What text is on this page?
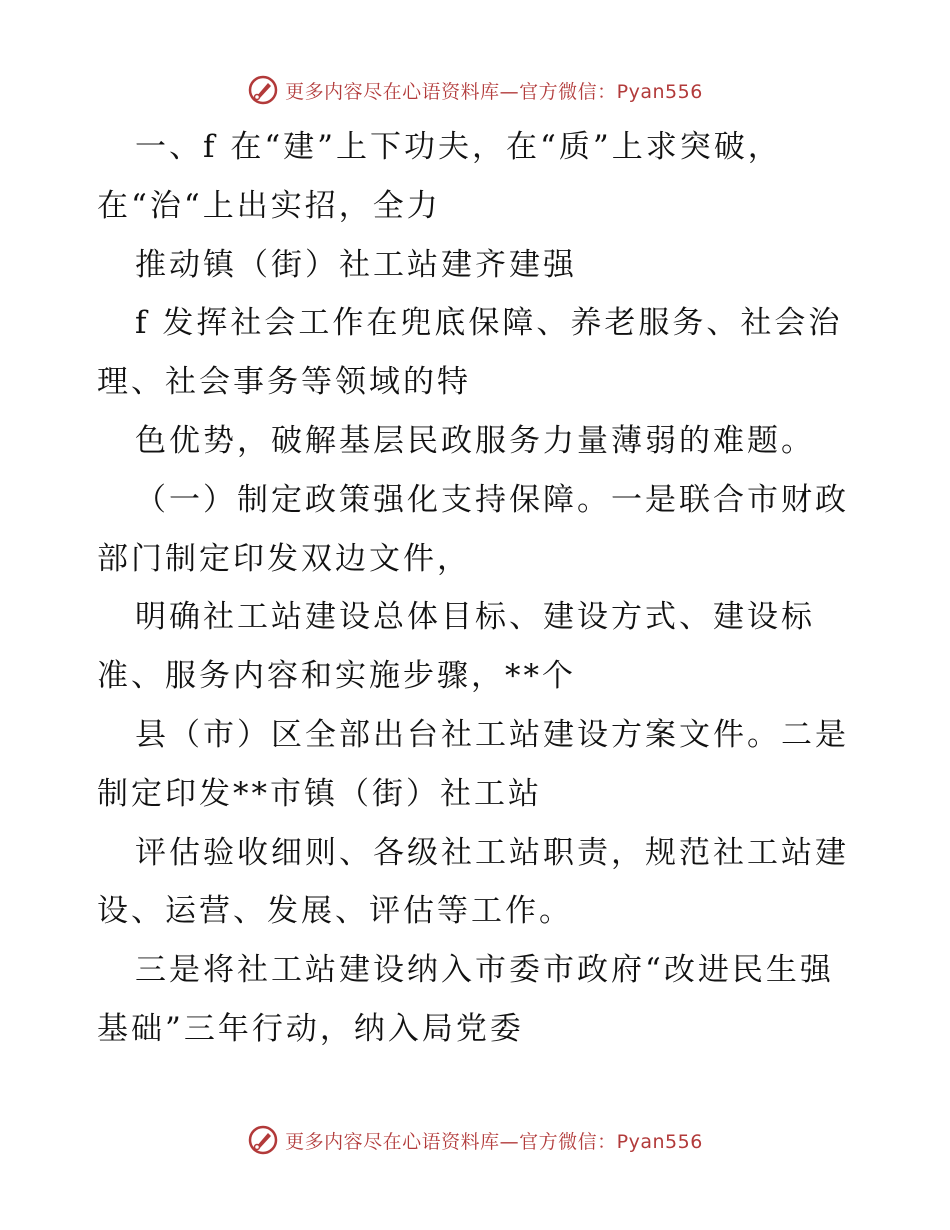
更多内容尽在心语资料库—官方微信：Pyan556
一、f 在“建”上下功夫，在“质”上求突破，
在“治“上出实招，全力
推动镇（街）社工站建齐建强
f 发挥社会工作在兜底保障、养老服务、社会治
理、社会事务等领域的特
色优势，破解基层民政服务力量薄弱的难题。
（一）制定政策强化支持保障。一是联合市财政
部门制定印发双边文件，
明确社工站建设总体目标、建设方式、建设标
准、服务内容和实施步骤，**个
县（市）区全部出台社工站建设方案文件。二是
制定印发**市镇（街）社工站
评估验收细则、各级社工站职责，规范社工站建
设、运营、发展、评估等工作。
三是将社工站建设纳入市委市政府“改进民生强
基础”三年行动，纳入局党委
更多内容尽在心语资料库—官方微信：Pyan556
